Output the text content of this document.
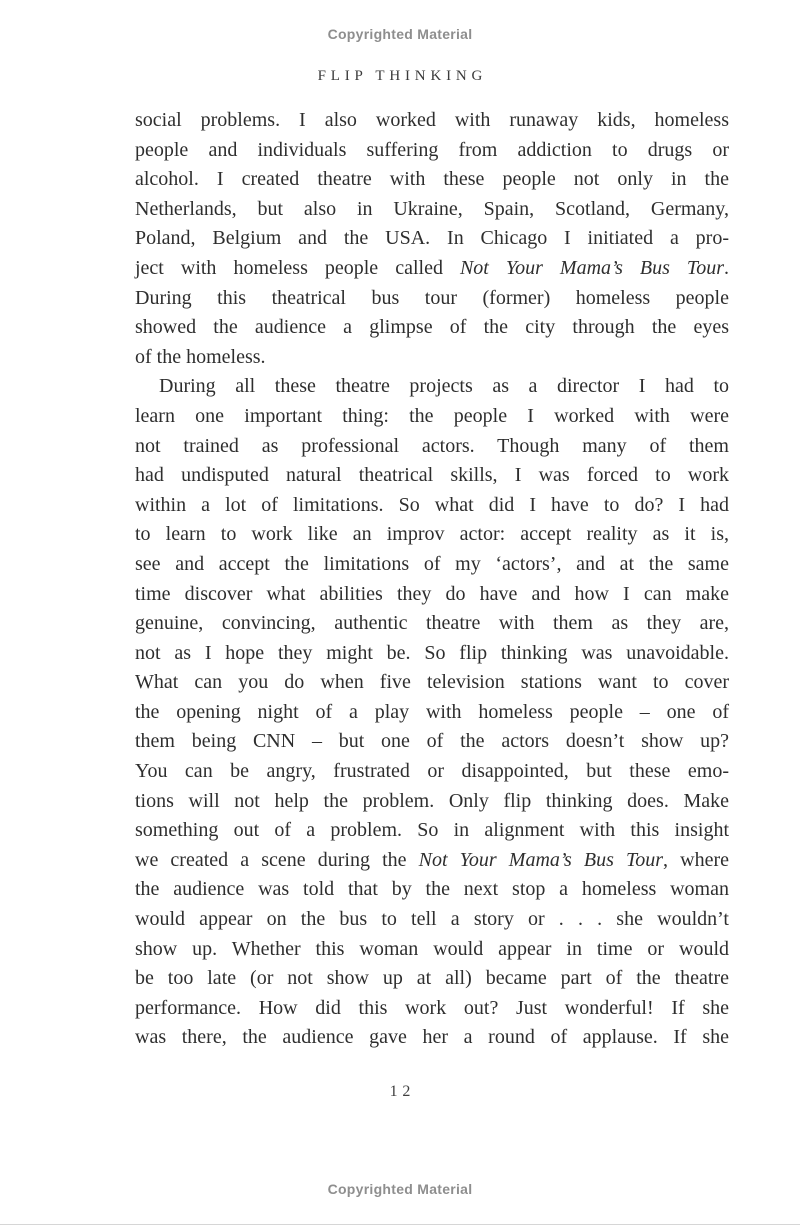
Copyrighted Material
FLIP THINKING
social problems. I also worked with runaway kids, homeless
people and individuals suffering from addiction to drugs or
alcohol. I created theatre with these people not only in the
Netherlands, but also in Ukraine, Spain, Scotland, Germany,
Poland, Belgium and the USA. In Chicago I initiated a pro-
ject with homeless people called Not Your Mama’s Bus Tour.
During this theatrical bus tour (former) homeless people
showed the audience a glimpse of the city through the eyes
of the homeless.
During all these theatre projects as a director I had to
learn one important thing: the people I worked with were
not trained as professional actors. Though many of them
had undisputed natural theatrical skills, I was forced to work
within a lot of limitations. So what did I have to do? I had
to learn to work like an improv actor: accept reality as it is,
see and accept the limitations of my ‘actors’, and at the same
time discover what abilities they do have and how I can make
genuine, convincing, authentic theatre with them as they are,
not as I hope they might be. So flip thinking was unavoidable.
What can you do when five television stations want to cover
the opening night of a play with homeless people – one of
them being CNN – but one of the actors doesn’t show up?
You can be angry, frustrated or disappointed, but these emo-
tions will not help the problem. Only flip thinking does. Make
something out of a problem. So in alignment with this insight
we created a scene during the Not Your Mama’s Bus Tour, where
the audience was told that by the next stop a homeless woman
would appear on the bus to tell a story or . . . she wouldn’t
show up. Whether this woman would appear in time or would
be too late (or not show up at all) became part of the theatre
performance. How did this work out? Just wonderful! If she
was there, the audience gave her a round of applause. If she
12
Copyrighted Material
